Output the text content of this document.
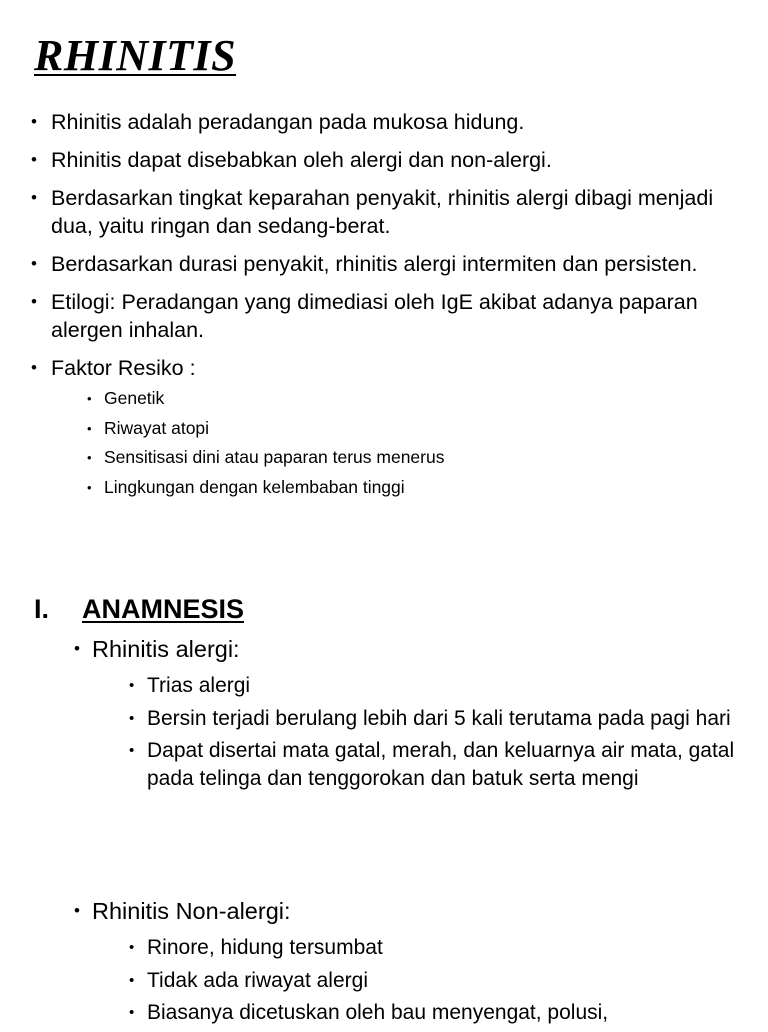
RHINITIS
• Rhinitis adalah peradangan pada mukosa hidung.
• Rhinitis dapat disebabkan oleh alergi dan non-alergi.
• Berdasarkan tingkat keparahan penyakit, rhinitis alergi dibagi menjadi dua, yaitu ringan dan sedang-berat.
• Berdasarkan durasi penyakit, rhinitis alergi intermiten dan persisten.
• Etilogi: Peradangan yang dimediasi oleh IgE akibat adanya paparan alergen inhalan.
• Faktor Resiko :
• Genetik
• Riwayat atopi
• Sensitisasi dini atau paparan terus menerus
• Lingkungan dengan kelembaban tinggi
I. ANAMNESIS
• Rhinitis alergi:
• Trias alergi
• Bersin terjadi berulang lebih dari 5 kali terutama pada pagi hari
• Dapat disertai mata gatal, merah, dan keluarnya air mata, gatal pada telinga dan tenggorokan dan batuk serta mengi
• Rhinitis Non-alergi:
• Rinore, hidung tersumbat
• Tidak ada riwayat alergi
• Biasanya dicetuskan oleh bau menyengat, polusi,
